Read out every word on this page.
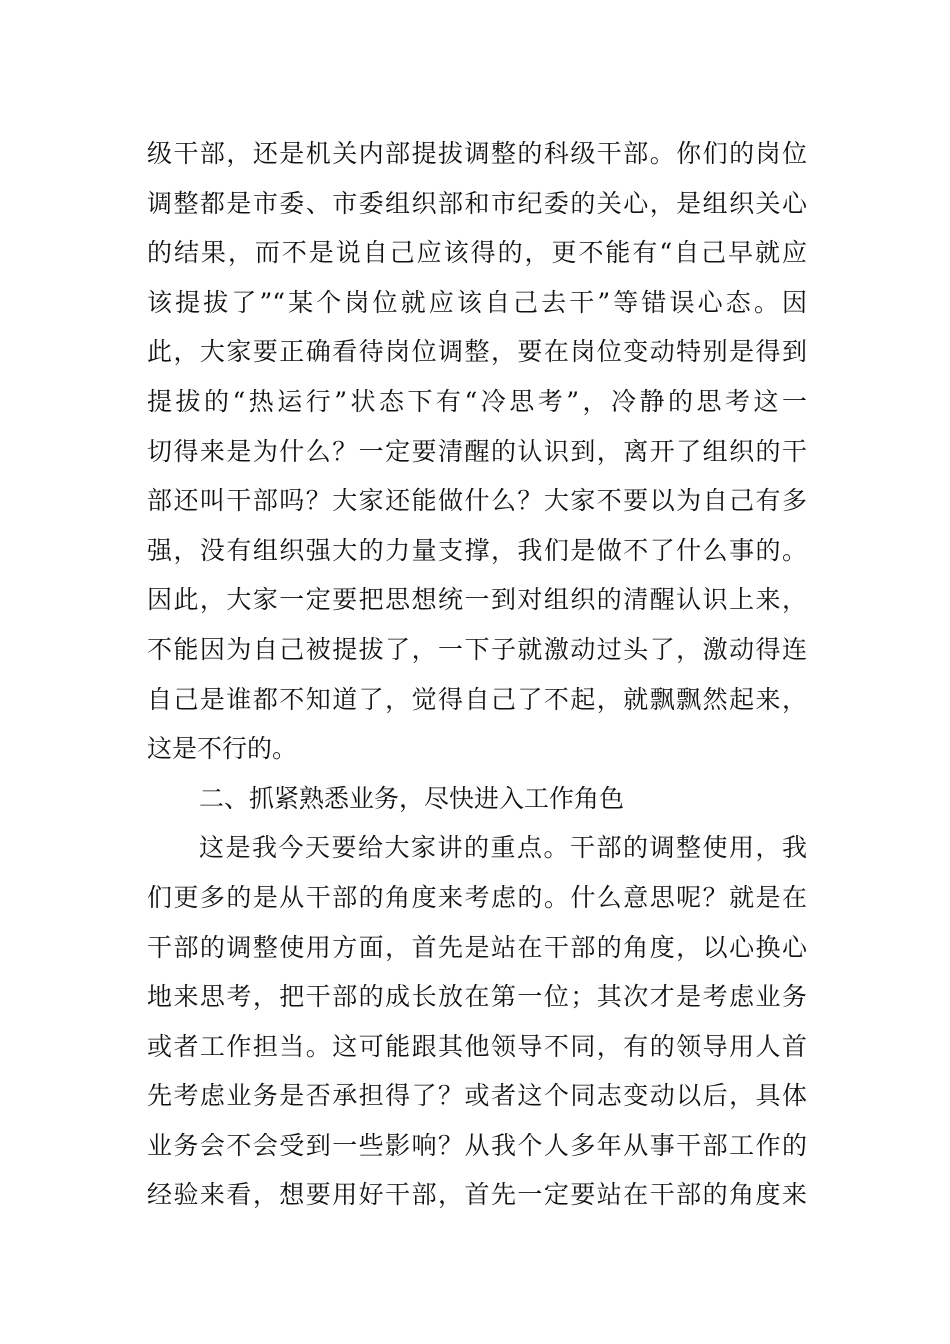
级干部，还是机关内部提拔调整的科级干部。你们的岗位
调整都是市委、市委组织部和市纪委的关心，是组织关心
的结果，而不是说自己应该得的，更不能有“自己早就应
该提拔了”“某个岗位就应该自己去干”等错误心态。因
此，大家要正确看待岗位调整，要在岗位变动特别是得到
提拔的“热运行”状态下有“冷思考”，冷静的思考这一
切得来是为什么？一定要清醒的认识到，离开了组织的干
部还叫干部吗？大家还能做什么？大家不要以为自己有多
强，没有组织强大的力量支撑，我们是做不了什么事的。
因此，大家一定要把思想统一到对组织的清醒认识上来，
不能因为自己被提拔了，一下子就激动过头了，激动得连
自己是谁都不知道了，觉得自己了不起，就飘飘然起来，
这是不行的。
二、抓紧熟悉业务，尽快进入工作角色
这是我今天要给大家讲的重点。干部的调整使用，我
们更多的是从干部的角度来考虑的。什么意思呢？就是在
干部的调整使用方面，首先是站在干部的角度，以心换心
地来思考，把干部的成长放在第一位；其次才是考虑业务
或者工作担当。这可能跟其他领导不同，有的领导用人首
先考虑业务是否承担得了？或者这个同志变动以后，具体
业务会不会受到一些影响？从我个人多年从事干部工作的
经验来看，想要用好干部，首先一定要站在干部的角度来
